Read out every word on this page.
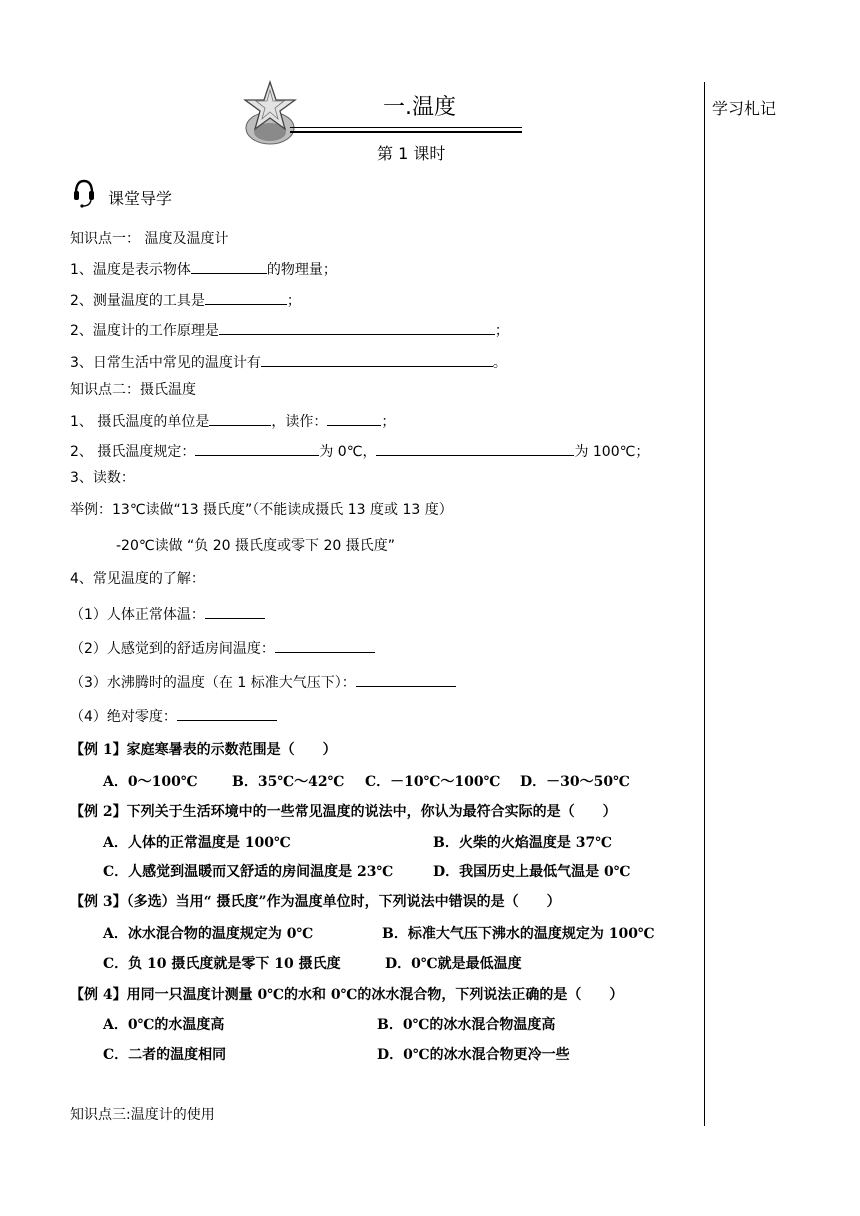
学习札记
一.温度
第 1 课时
课堂导学
知识点一： 温度及温度计
1、温度是表示物体	的物理量；
2、测量温度的工具是	；
2、温度计的工作原理是	；
3、日常生活中常见的温度计有	。
知识点二：摄氏温度
1、 摄氏温度的单位是	，读作：	；
2、 摄氏温度规定：	为 0℃，	为 100℃；
3、读数：
举例：13℃读做“13 摄氏度”（不能读成摄氏 13 度或 13 度）
-20℃读做 “负 20 摄氏度或零下 20 摄氏度”
4、常见温度的了解：
（1）人体正常体温：
（2）人感觉到的舒适房间温度：
（3）水沸腾时的温度（在 1 标准大气压下）：
（4）绝对零度：
【例 1】家庭寒暑表的示数范围是（　　）
A．0～100℃ B．35℃～42℃ C．－10℃～100℃ D．－30～50℃
【例 2】下列关于生活环境中的一些常见温度的说法中，你认为最符合实际的是（　　）
A．人体的正常温度是 100℃	B．火柴的火焰温度是 37℃
C．人感觉到温暖而又舒适的房间温度是 23℃	D．我国历史上最低气温是 0℃
【例 3】（多选）当用“ 摄氏度”作为温度单位时，下列说法中错误的是（　　）
A．冰水混合物的温度规定为 0℃	B．标准大气压下沸水的温度规定为 100℃
C．负 10 摄氏度就是零下 10 摄氏度	D．0℃就是最低温度
【例 4】用同一只温度计测量 0℃的水和 0℃的冰水混合物，下列说法正确的是（　　）
A．0℃的水温度高	B．0℃的冰水混合物温度高
C．二者的温度相同	D．0℃的冰水混合物更冷一些
知识点三:温度计的使用
